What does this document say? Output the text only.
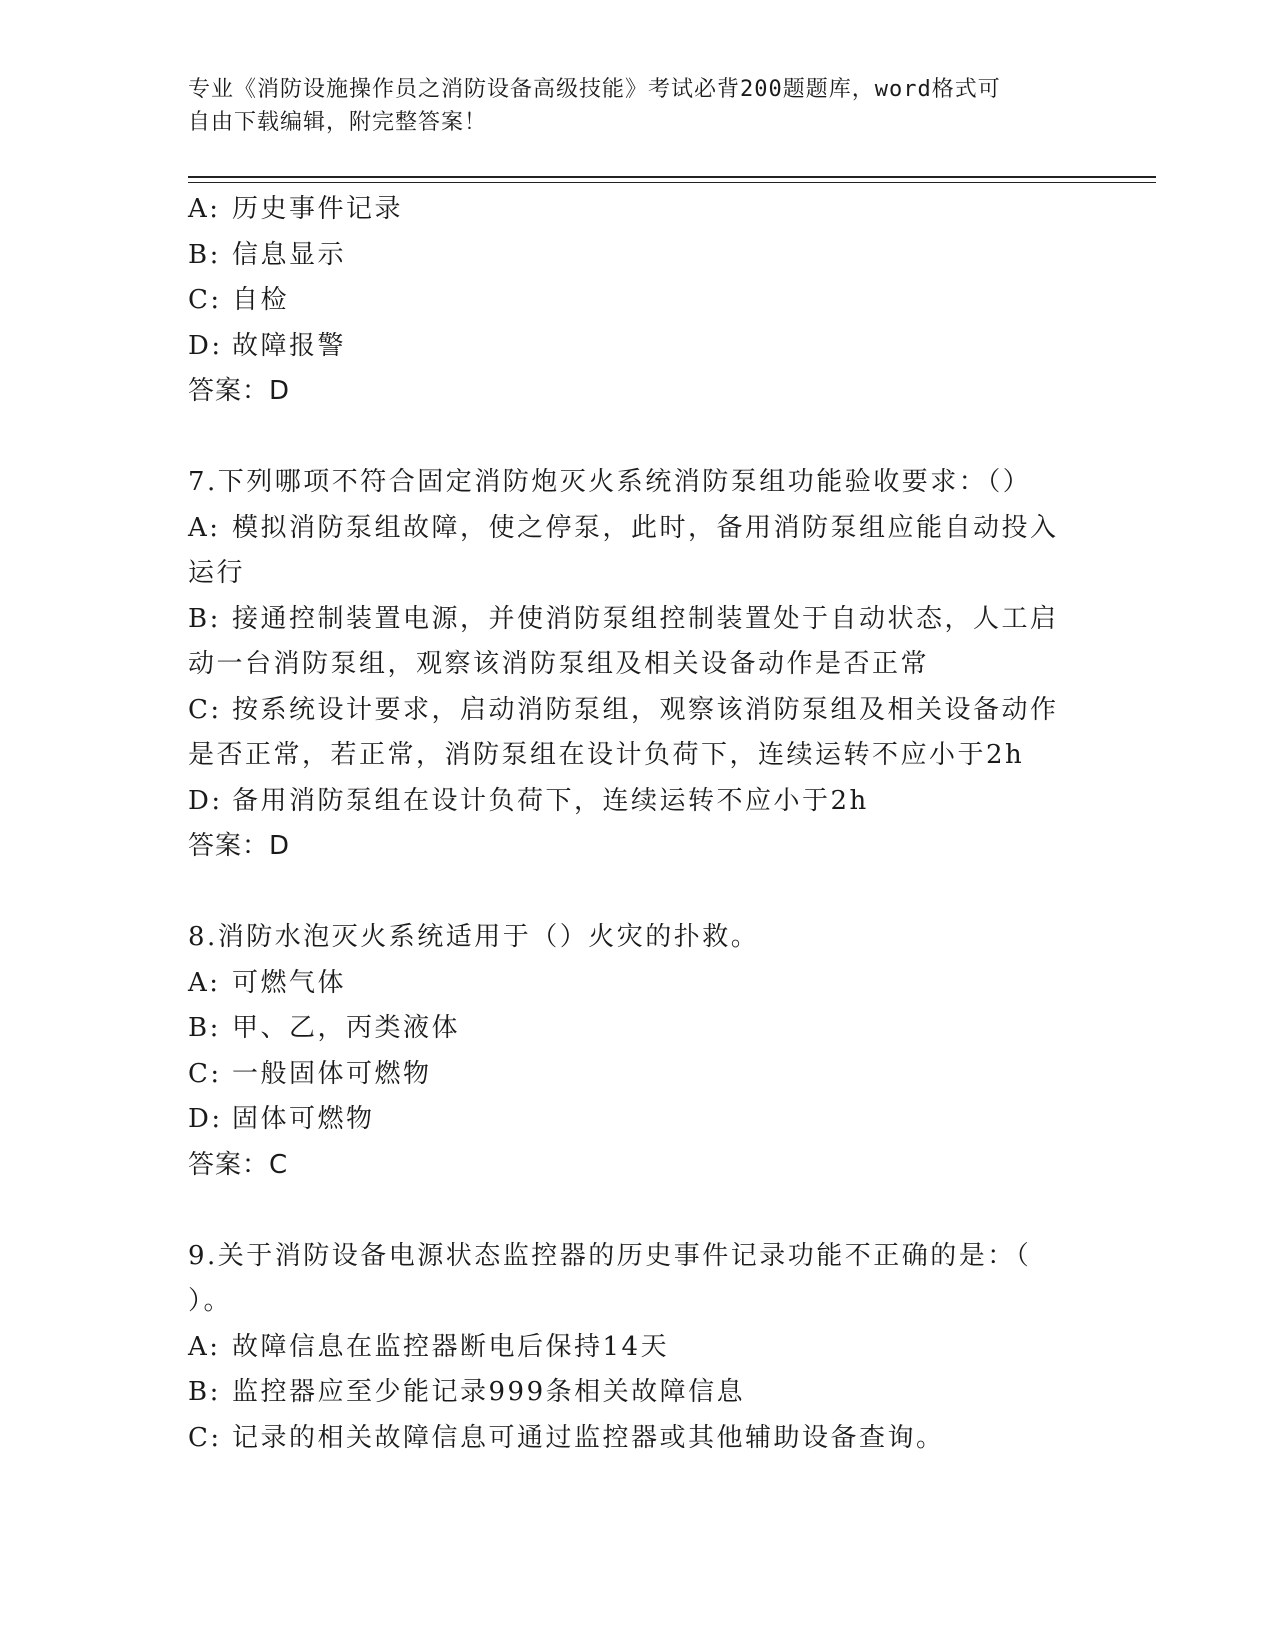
专业《消防设施操作员之消防设备高级技能》考试必背200题题库，word格式可
自由下载编辑，附完整答案！
A: 历史事件记录
B: 信息显示
C: 自检
D: 故障报警
答案：D
7.下列哪项不符合固定消防炮灭火系统消防泵组功能验收要求：（）
A: 模拟消防泵组故障，使之停泵，此时，备用消防泵组应能自动投入
运行
B: 接通控制装置电源，并使消防泵组控制装置处于自动状态，人工启
动一台消防泵组，观察该消防泵组及相关设备动作是否正常
C: 按系统设计要求，启动消防泵组，观察该消防泵组及相关设备动作
是否正常，若正常，消防泵组在设计负荷下，连续运转不应小于2h
D: 备用消防泵组在设计负荷下，连续运转不应小于2h
答案：D
8.消防水泡灭火系统适用于（）火灾的扑救。
A: 可燃气体
B: 甲、乙，丙类液体
C: 一般固体可燃物
D: 固体可燃物
答案：C
9.关于消防设备电源状态监控器的历史事件记录功能不正确的是：（
）。
A: 故障信息在监控器断电后保持14天
B: 监控器应至少能记录999条相关故障信息
C: 记录的相关故障信息可通过监控器或其他辅助设备查询。
